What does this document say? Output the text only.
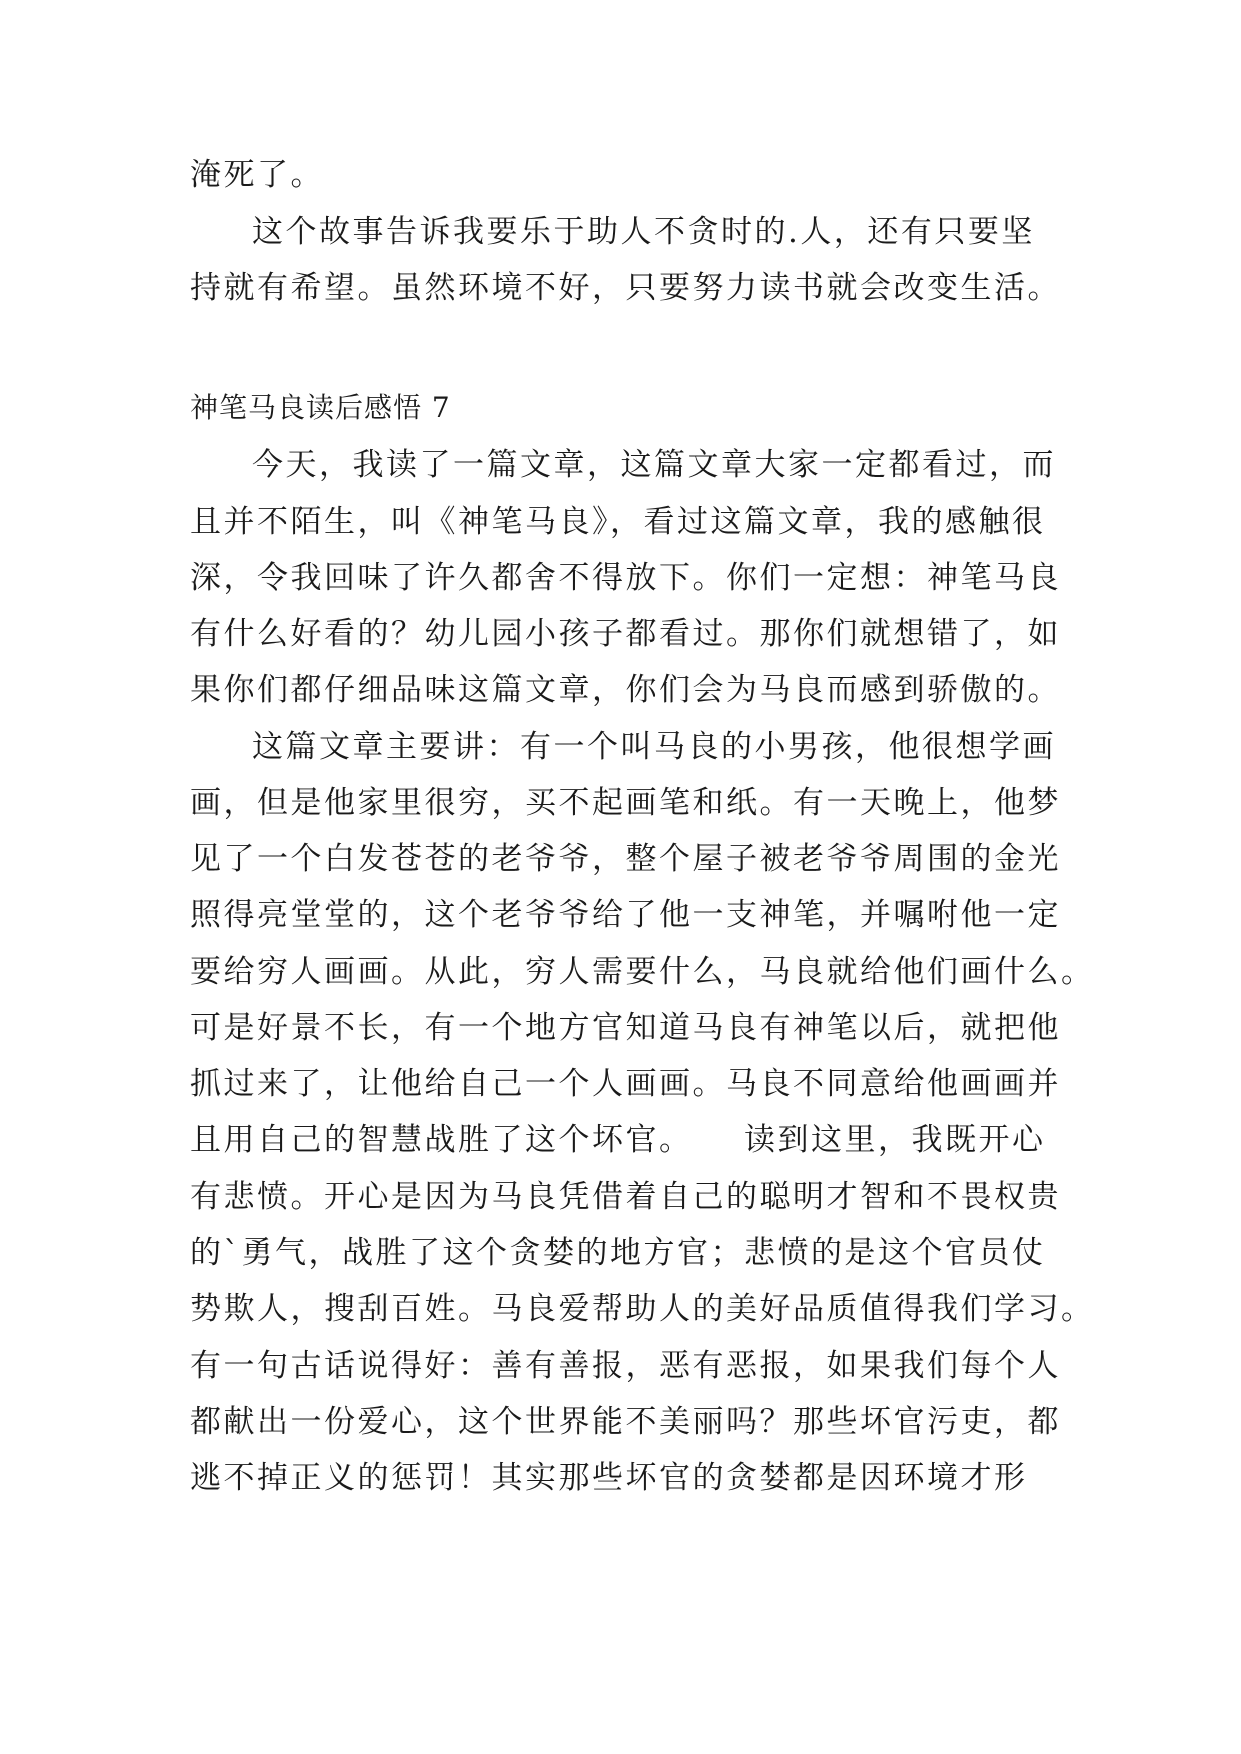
淹死了。
这个故事告诉我要乐于助人不贪时的.人，还有只要坚
持就有希望。虽然环境不好，只要努力读书就会改变生活。
神笔马良读后感悟 7
今天，我读了一篇文章，这篇文章大家一定都看过，而
且并不陌生，叫《神笔马良》，看过这篇文章，我的感触很
深，令我回味了许久都舍不得放下。你们一定想：神笔马良
有什么好看的？幼儿园小孩子都看过。那你们就想错了，如
果你们都仔细品味这篇文章，你们会为马良而感到骄傲的。
这篇文章主要讲：有一个叫马良的小男孩，他很想学画
画，但是他家里很穷，买不起画笔和纸。有一天晚上，他梦
见了一个白发苍苍的老爷爷，整个屋子被老爷爷周围的金光
照得亮堂堂的，这个老爷爷给了他一支神笔，并嘱咐他一定
要给穷人画画。从此，穷人需要什么，马良就给他们画什么。
可是好景不长，有一个地方官知道马良有神笔以后，就把他
抓过来了，让他给自己一个人画画。马良不同意给他画画并
且用自己的智慧战胜了这个坏官。　　读到这里，我既开心
有悲愤。开心是因为马良凭借着自己的聪明才智和不畏权贵
的`勇气，战胜了这个贪婪的地方官；悲愤的是这个官员仗
势欺人，搜刮百姓。马良爱帮助人的美好品质值得我们学习。
有一句古话说得好：善有善报，恶有恶报，如果我们每个人
都献出一份爱心，这个世界能不美丽吗？那些坏官污吏，都
逃不掉正义的惩罚！其实那些坏官的贪婪都是因环境才形
